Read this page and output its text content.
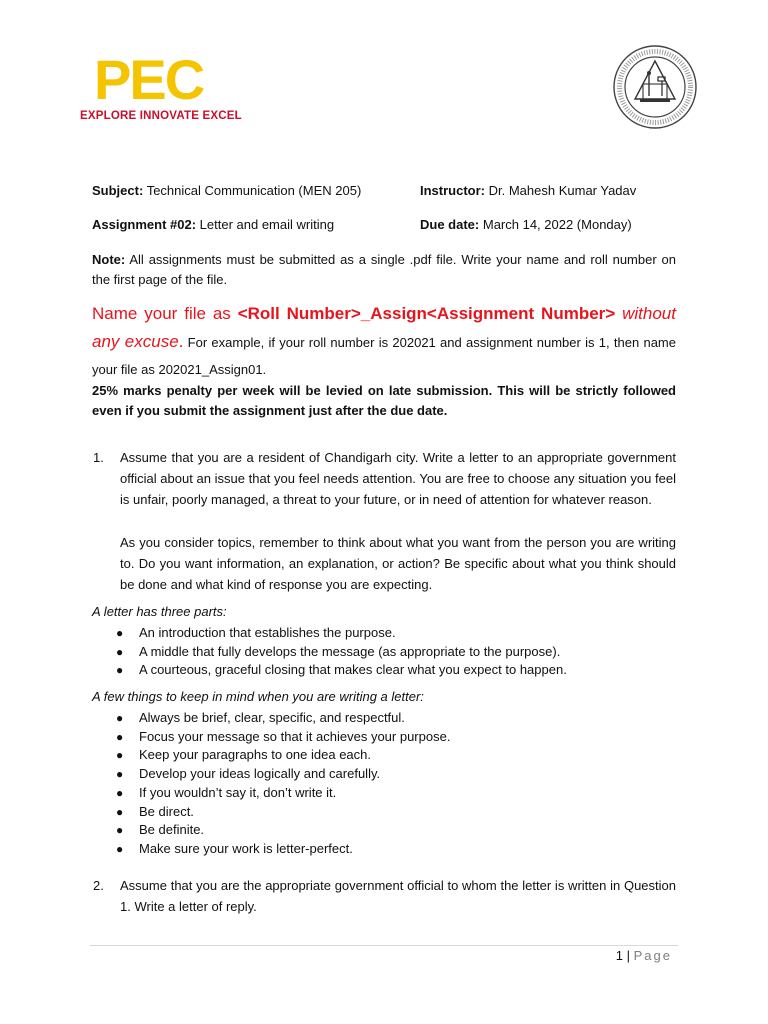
PEC
EXPLORE INNOVATE EXCEL
Subject: Technical Communication (MEN 205)	Instructor: Dr. Mahesh Kumar Yadav
Assignment #02: Letter and email writing	Due date: March 14, 2022 (Monday)
Note: All assignments must be submitted as a single .pdf file. Write your name and roll number on the first page of the file.
Name your file as <Roll Number>_Assign<Assignment Number> without any excuse. For example, if your roll number is 202021 and assignment number is 1, then name your file as 202021_Assign01.
25% marks penalty per week will be levied on late submission. This will be strictly followed even if you submit the assignment just after the due date.
1. Assume that you are a resident of Chandigarh city. Write a letter to an appropriate government official about an issue that you feel needs attention. You are free to choose any situation you feel is unfair, poorly managed, a threat to your future, or in need of attention for whatever reason.
As you consider topics, remember to think about what you want from the person you are writing to. Do you want information, an explanation, or action? Be specific about what you think should be done and what kind of response you are expecting.
A letter has three parts:
● An introduction that establishes the purpose.
● A middle that fully develops the message (as appropriate to the purpose).
● A courteous, graceful closing that makes clear what you expect to happen.
A few things to keep in mind when you are writing a letter:
● Always be brief, clear, specific, and respectful.
● Focus your message so that it achieves your purpose.
● Keep your paragraphs to one idea each.
● Develop your ideas logically and carefully.
● If you wouldn’t say it, don’t write it.
● Be direct.
● Be definite.
● Make sure your work is letter-perfect.
2. Assume that you are the appropriate government official to whom the letter is written in Question 1. Write a letter of reply.
1 | Page
